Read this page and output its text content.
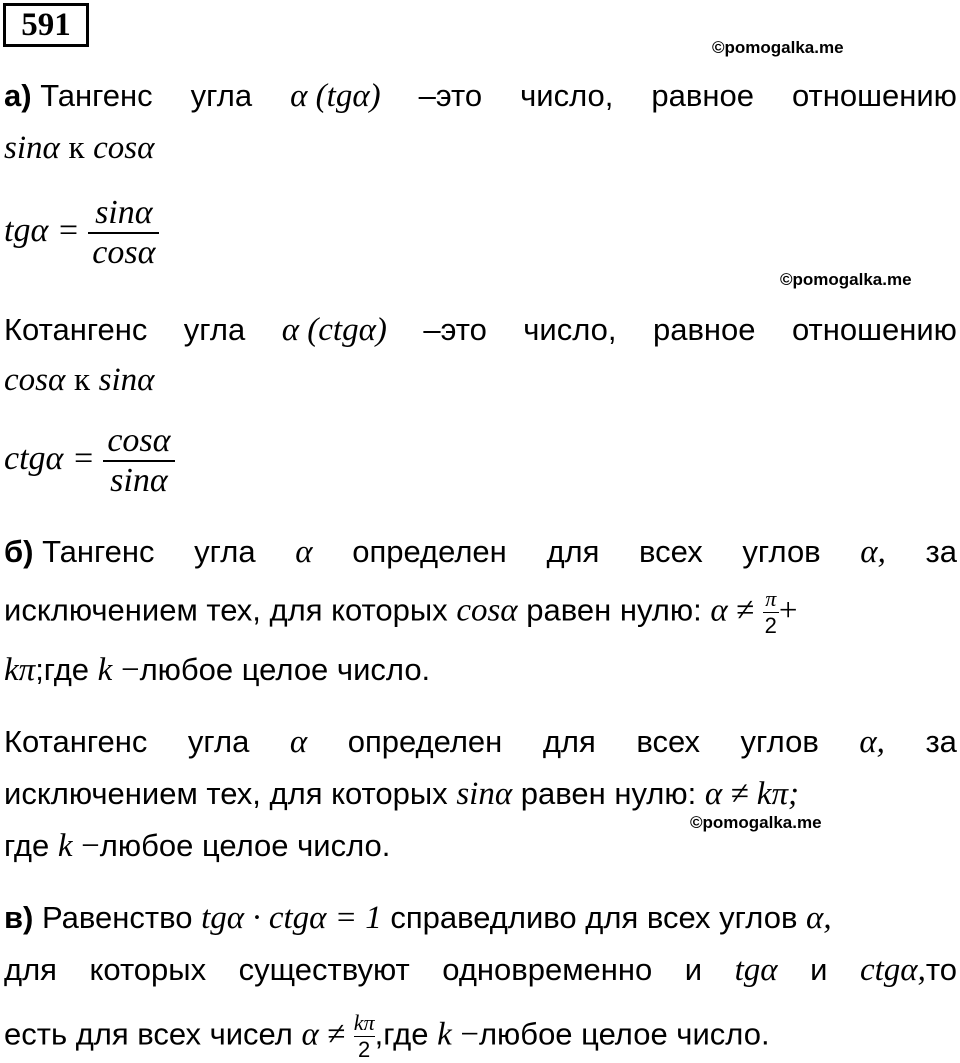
591
©pomogalka.me
©pomogalka.me
©pomogalka.me
а) Тангенс угла α (tgα) –это число, равное отношению
sinα к cosα
$tg\alpha = \frac{\sin\alpha}{\cos\alpha}$
Котангенс угла α (ctgα) –это число, равное отношению
cosα к sinα
$ctg\alpha = \frac{\cos\alpha}{\sin\alpha}$
б) Тангенс угла α определен для всех углов α, за
исключением тех, для которых cosα равен нулю: $\alpha \ne \frac{\pi}{2}$ +
kπ;где k −любое целое число.
Котангенс угла α определен для всех углов α, за
исключением тех, для которых sinα равен нулю: α ≠ kπ;
где k −любое целое число.
в) Равенство tgα · ctgα = 1 справедливо для всех углов α,
для которых существуют одновременно и tgα и ctgα,то
есть для всех чисел $\alpha \ne \frac{k\pi}{2} ,где$ k −любое целое число.
